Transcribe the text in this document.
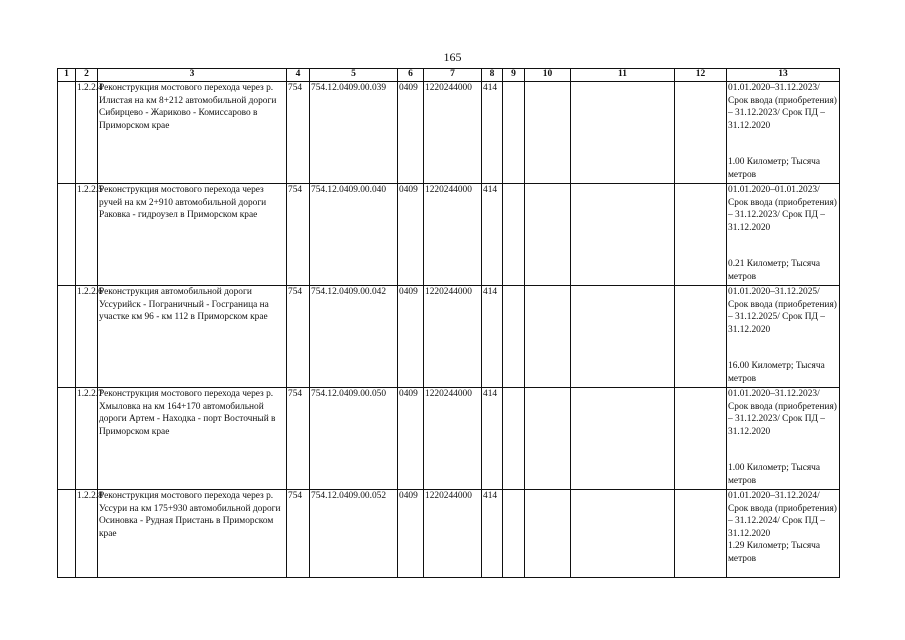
165
1	2	3	4	5	6	7	8	9	10	11	12	13
	1.2.2.4	Реконструкция мостового перехода через р. Илистая на км 8+212 автомобильной дороги Сибирцево - Жариково - Комиссарово в Приморском крае	754	754.12.0409.00.039	0409	1220244000	414					01.01.2020–31.12.2023/ Срок ввода (приобретения) – 31.12.2023/ Срок ПД – 31.12.2020
1.00 Километр; Тысяча метров

	1.2.2.5	Реконструкция мостового перехода через ручей на км 2+910 автомобильной дороги Раковка - гидроузел в Приморском крае	754	754.12.0409.00.040	0409	1220244000	414					01.01.2020–01.01.2023/ Срок ввода (приобретения) – 31.12.2023/ Срок ПД – 31.12.2020
0.21 Километр; Тысяча метров

	1.2.2.6	Реконструкция автомобильной дороги Уссурийск - Пограничный - Госграница на участке км 96 - км 112 в Приморском крае	754	754.12.0409.00.042	0409	1220244000	414					01.01.2020–31.12.2025/ Срок ввода (приобретения) – 31.12.2025/ Срок ПД – 31.12.2020
16.00 Километр; Тысяча метров

	1.2.2.7	Реконструкция мостового перехода через р. Хмыловка на км 164+170 автомобильной дороги Артем - Находка - порт Восточный в Приморском крае	754	754.12.0409.00.050	0409	1220244000	414					01.01.2020–31.12.2023/ Срок ввода (приобретения) – 31.12.2023/ Срок ПД – 31.12.2020
1.00 Километр; Тысяча метров

	1.2.2.8	Реконструкция мостового перехода через р. Уссури на км 175+930 автомобильной дороги Осиновка - Рудная Пристань в Приморском крае	754	754.12.0409.00.052	0409	1220244000	414					01.01.2020–31.12.2024/ Срок ввода (приобретения) – 31.12.2024/ Срок ПД – 31.12.2020
1.29 Километр; Тысяча метров
